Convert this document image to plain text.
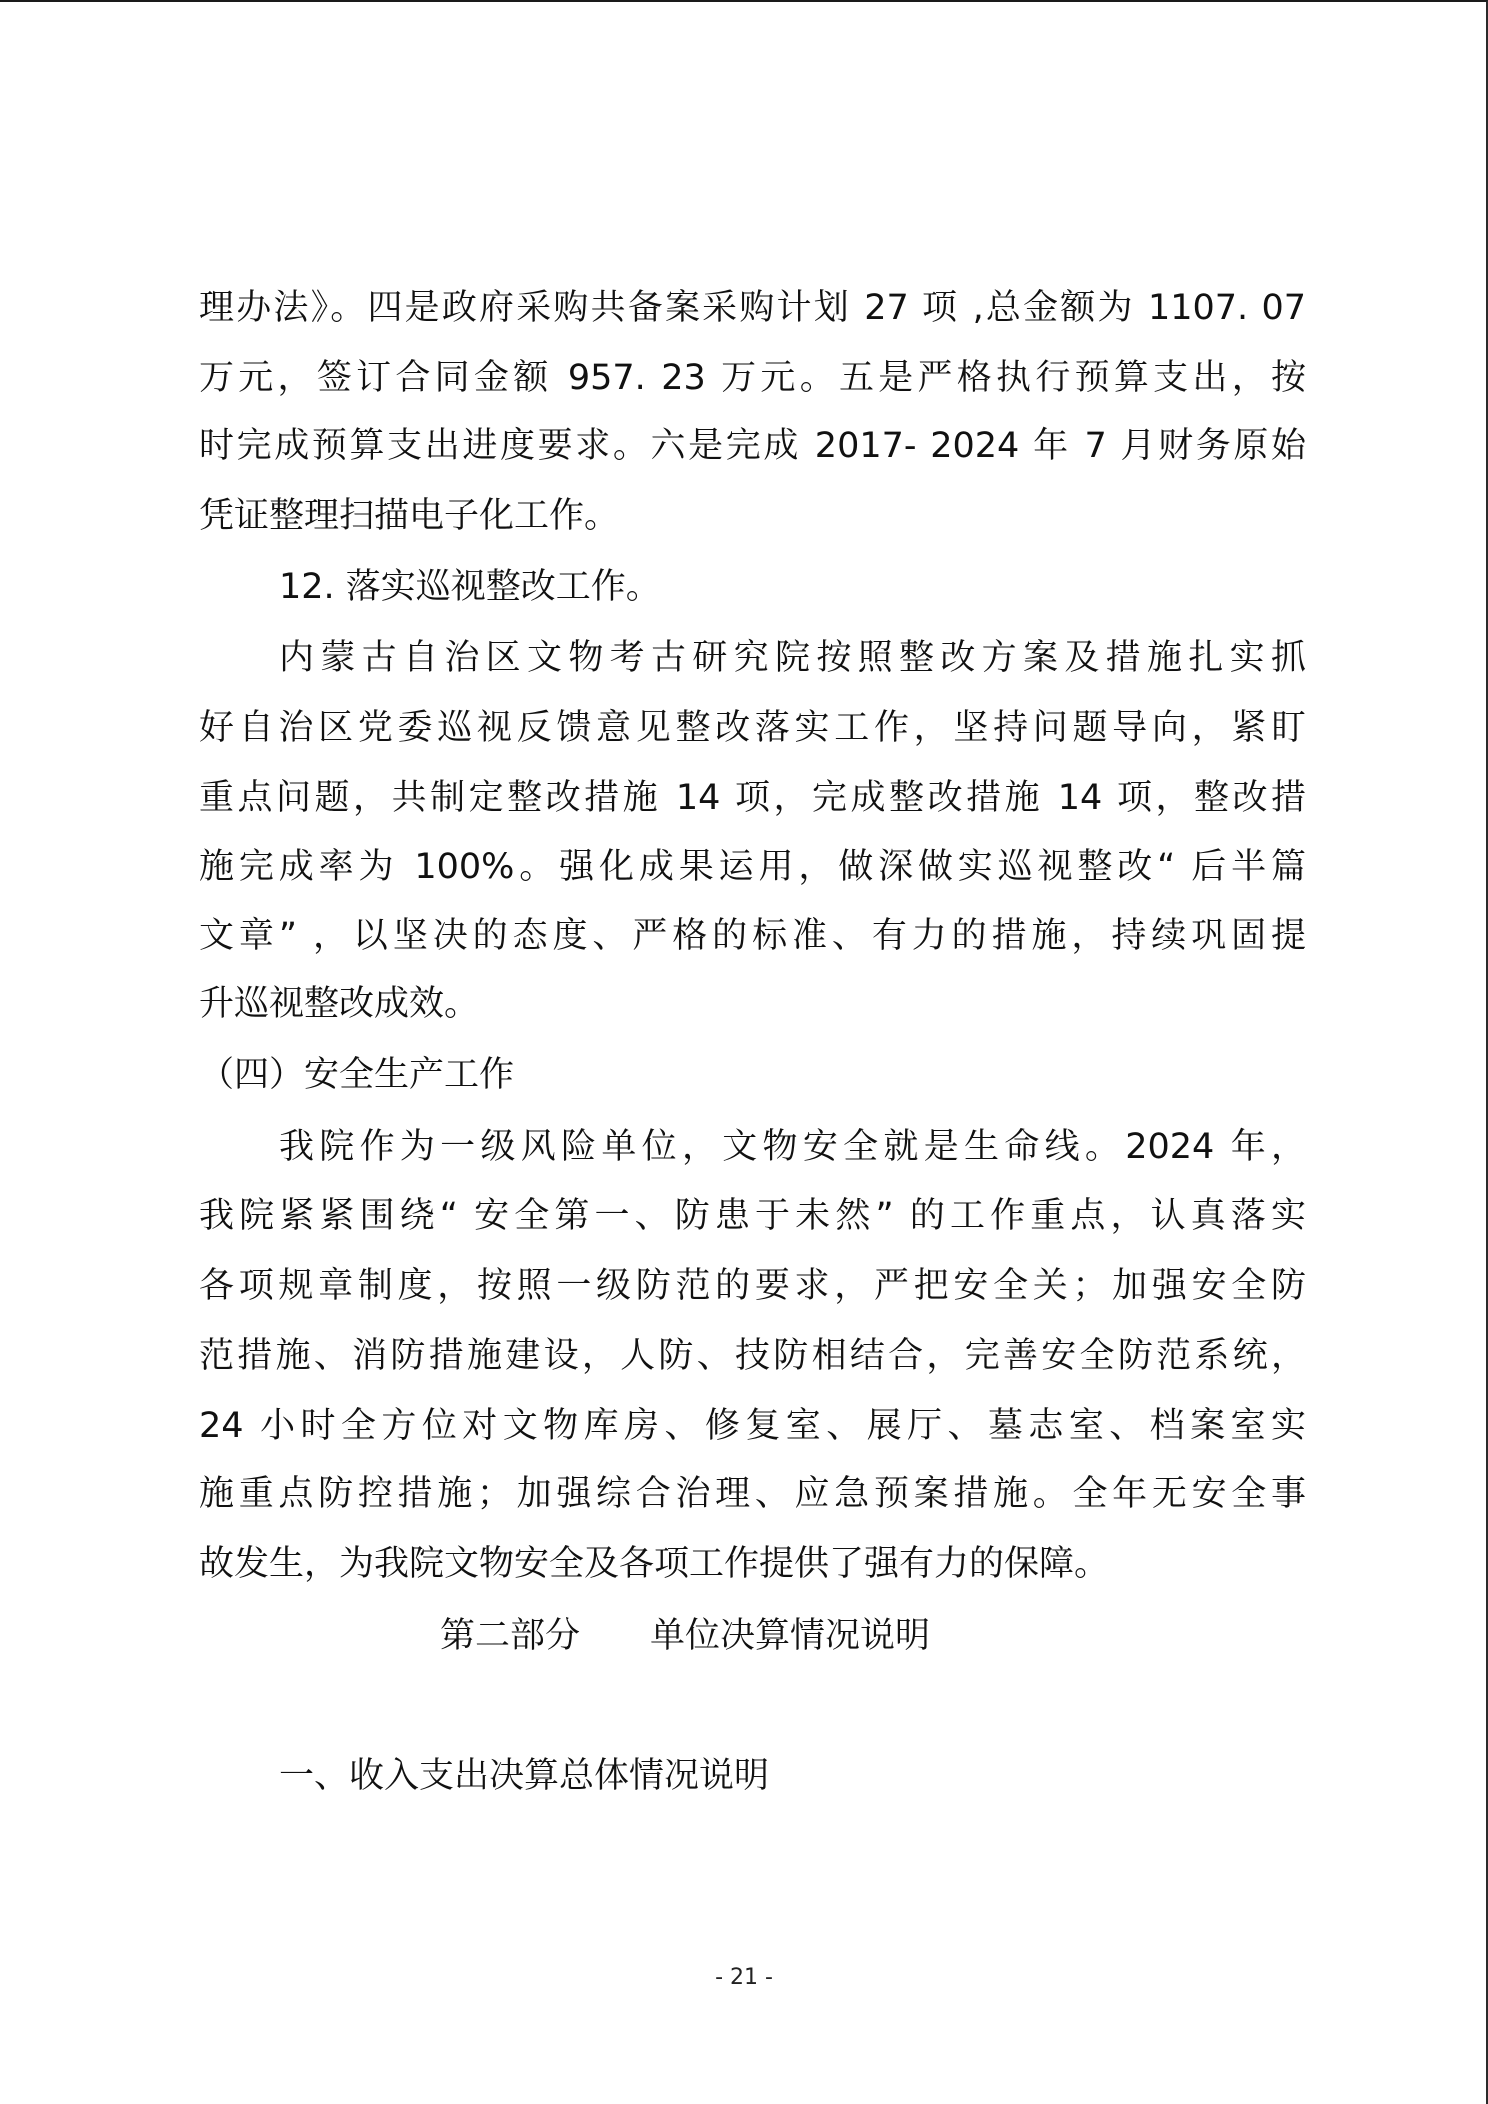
理办法》。四是政府采购共备案采购计划 27 项 ,总金额为 1107. 07
万元，签订合同金额 957. 23 万元。五是严格执行预算支出，按
时完成预算支出进度要求。六是完成 2017- 2024 年 7 月财务原始
凭证整理扫描电子化工作。
12. 落实巡视整改工作。
内蒙古自治区文物考古研究院按照整改方案及措施扎实抓
好自治区党委巡视反馈意见整改落实工作，坚持问题导向，紧盯
重点问题，共制定整改措施 14 项，完成整改措施 14 项，整改措
施完成率为 100%。强化成果运用，做深做实巡视整改“ 后半篇
文章” ，以坚决的态度、严格的标准、有力的措施，持续巩固提
升巡视整改成效。
（四）安全生产工作
我院作为一级风险单位，文物安全就是生命线。2024 年，
我院紧紧围绕“ 安全第一、防患于未然” 的工作重点，认真落实
各项规章制度，按照一级防范的要求，严把安全关；加强安全防
范措施、消防措施建设，人防、技防相结合，完善安全防范系统，
24 小时全方位对文物库房、修复室、展厅、墓志室、档案室实
施重点防控措施；加强综合治理、应急预案措施。全年无安全事
故发生，为我院文物安全及各项工作提供了强有力的保障。
第二部分　　单位决算情况说明
一、收入支出决算总体情况说明
- 21 -
